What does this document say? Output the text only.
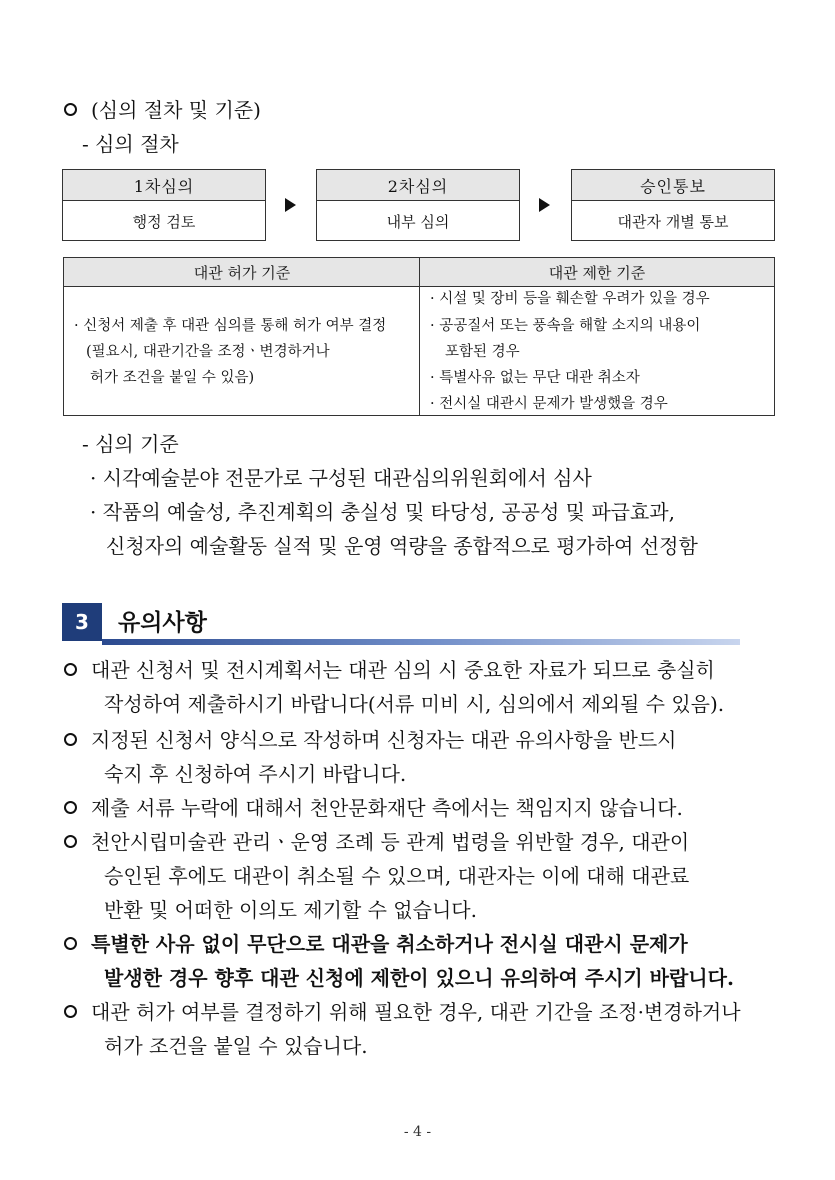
(심의 절차 및 기준)
- 심의 절차
1차심의
행정 검토
2차심의
내부 심의
승인통보
대관자 개별 통보
대관 허가 기준	대관 제한 기준
· 신청서 제출 후 대관 심의를 통해 허가 여부 결정
(필요시, 대관기간을 조정ㆍ변경하거나
허가 조건을 붙일 수 있음)
· 시설 및 장비 등을 훼손할 우려가 있을 경우
· 공공질서 또는 풍속을 해할 소지의 내용이
포함된 경우
· 특별사유 없는 무단 대관 취소자
· 전시실 대관시 문제가 발생했을 경우
- 심의 기준
· 시각예술분야 전문가로 구성된 대관심의위원회에서 심사
· 작품의 예술성, 추진계획의 충실성 및 타당성, 공공성 및 파급효과,
신청자의 예술활동 실적 및 운영 역량을 종합적으로 평가하여 선정함
3	유의사항
대관 신청서 및 전시계획서는 대관 심의 시 중요한 자료가 되므로 충실히
작성하여 제출하시기 바랍니다(서류 미비 시, 심의에서 제외될 수 있음).
지정된 신청서 양식으로 작성하며 신청자는 대관 유의사항을 반드시
숙지 후 신청하여 주시기 바랍니다.
제출 서류 누락에 대해서 천안문화재단 측에서는 책임지지 않습니다.
천안시립미술관 관리ㆍ운영 조례 등 관계 법령을 위반할 경우, 대관이
승인된 후에도 대관이 취소될 수 있으며, 대관자는 이에 대해 대관료
반환 및 어떠한 이의도 제기할 수 없습니다.
특별한 사유 없이 무단으로 대관을 취소하거나 전시실 대관시 문제가
발생한 경우 향후 대관 신청에 제한이 있으니 유의하여 주시기 바랍니다.
대관 허가 여부를 결정하기 위해 필요한 경우, 대관 기간을 조정·변경하거나
허가 조건을 붙일 수 있습니다.
- 4 -
